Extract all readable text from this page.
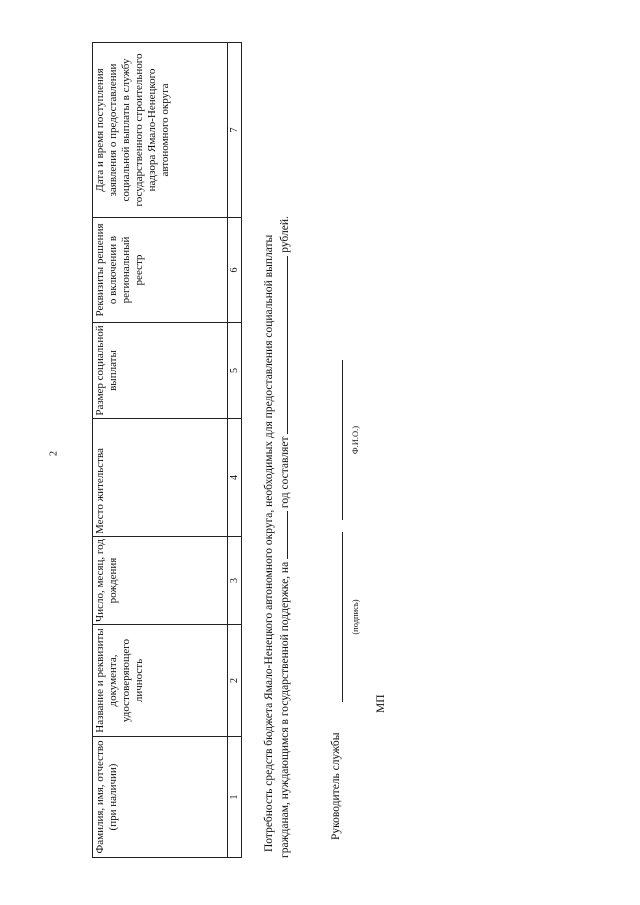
2
Фамилия, имя, отчество (при наличии)	Название и реквизиты документа, удостоверяющего личность	Число, месяц, год рождения	Место жительства	Размер социальной выплаты	Реквизиты решения о включении в региональный реестр	Дата и время поступления заявления о предоставлении социальной выплаты в службу государственного строительного надзора Ямало-Ненецкого автономного округа
1	2	3	4	5	6	7
Потребность средств бюджета Ямало-Ненецкого автономного округа, необходимых для предоставления социальной выплаты гражданам, нуждающимся в государственной поддержке, на  год составляет  рублей.
Руководитель службы
(подпись)
Ф.И.О.)
МП
